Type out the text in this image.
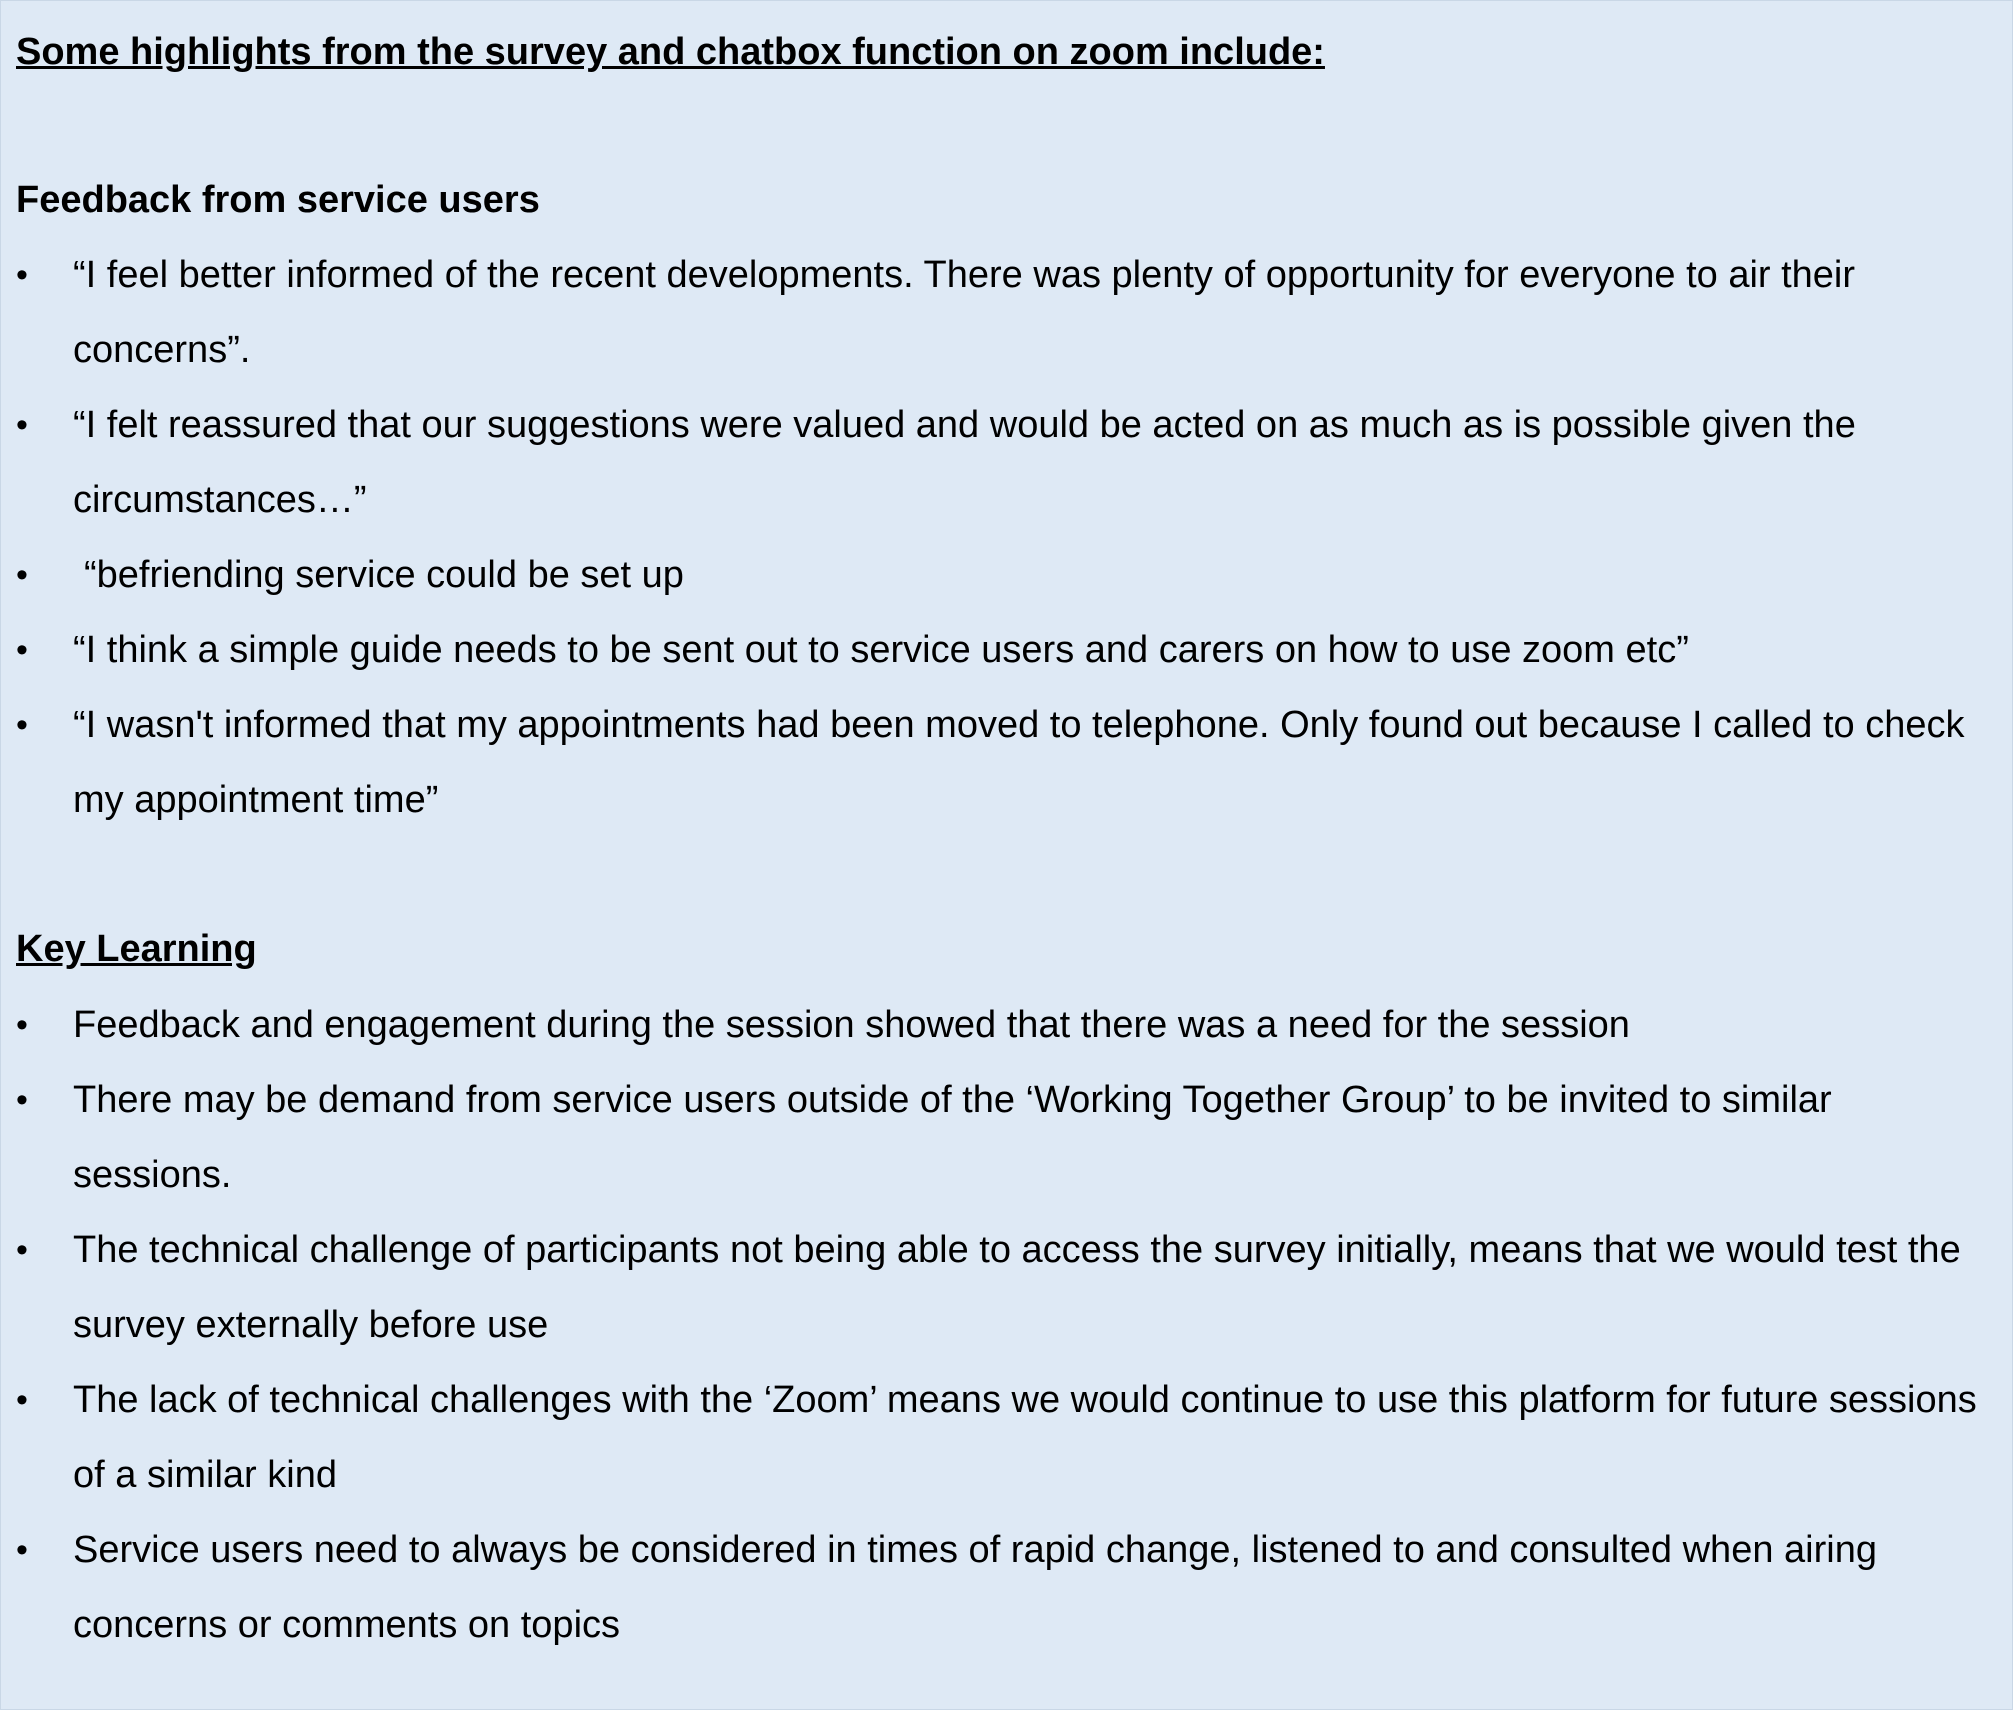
Some highlights from the survey and chatbox function on zoom include:
Feedback from service users
• “I feel better informed of the recent developments. There was plenty of opportunity for everyone to air their concerns”.
• “I felt reassured that our suggestions were valued and would be acted on as much as is possible given the circumstances…”
• “befriending service could be set up
• “I think a simple guide needs to be sent out to service users and carers on how to use zoom etc”
• “I wasn't informed that my appointments had been moved to telephone. Only found out because I called to check my appointment time”
Key Learning
• Feedback and engagement during the session showed that there was a need for the session
• There may be demand from service users outside of the ‘Working Together Group’ to be invited to similar sessions.
• The technical challenge of participants not being able to access the survey initially, means that we would test the survey externally before use
• The lack of technical challenges with the ‘Zoom’ means we would continue to use this platform for future sessions of a similar kind
• Service users need to always be considered in times of rapid change, listened to and consulted when airing concerns or comments on topics
